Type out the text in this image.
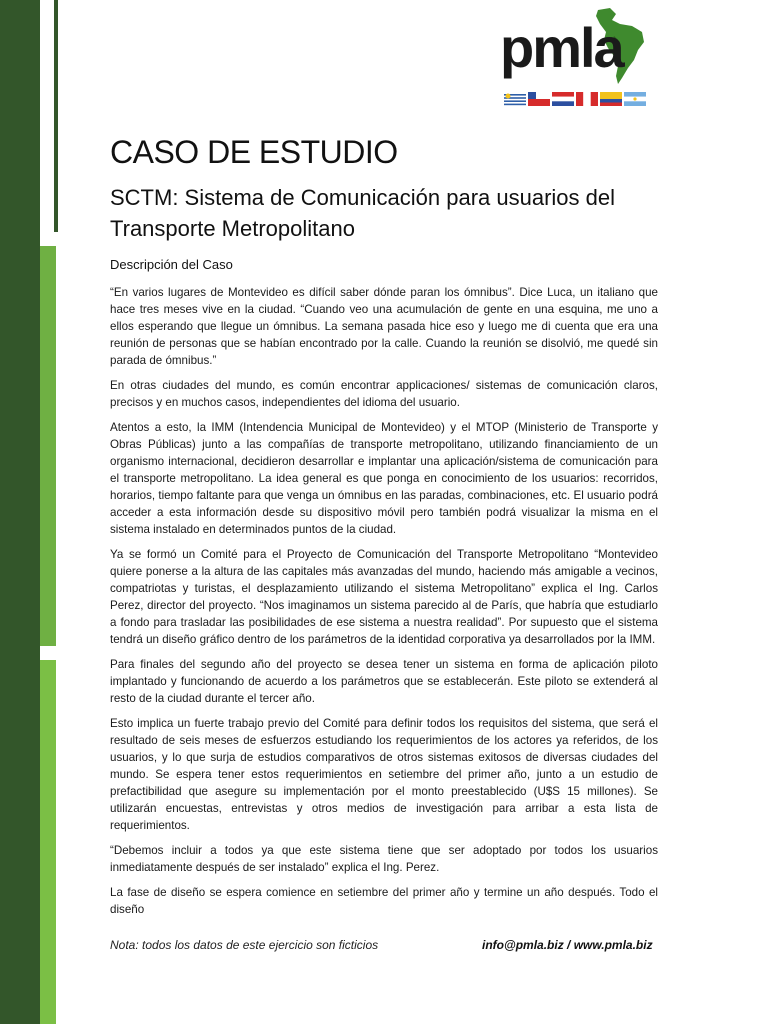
pmla
CASO DE ESTUDIO
SCTM: Sistema de Comunicación para usuarios del Transporte Metropolitano
Descripción del Caso

“En varios lugares de Montevideo es difícil saber dónde paran los ómnibus”. Dice Luca, un italiano que hace tres meses vive en la ciudad. “Cuando veo una acumulación de gente en una esquina, me uno a ellos esperando que llegue un ómnibus. La semana pasada hice eso y luego me di cuenta que era una reunión de personas que se habían encontrado por la calle. Cuando la reunión se disolvió, me quedé sin parada de ómnibus.”

En otras ciudades del mundo, es común encontrar applicaciones/ sistemas de comunicación claros, precisos y en muchos casos, independientes del idioma del usuario.

Atentos a esto, la IMM (Intendencia Municipal de Montevideo) y el MTOP (Ministerio de Transporte y Obras Públicas) junto a las compañías de transporte metropolitano, utilizando financiamiento de un organismo internacional, decidieron desarrollar e implantar una aplicación/sistema de comunicación para el transporte metropolitano. La idea general es que ponga en conocimiento de los usuarios: recorridos, horarios, tiempo faltante para que venga un ómnibus en las paradas, combinaciones, etc. El usuario podrá acceder a esta información desde su dispositivo móvil pero también podrá visualizar la misma en el sistema instalado en determinados puntos de la ciudad.

Ya se formó un Comité para el Proyecto de Comunicación del Transporte Metropolitano “Montevideo quiere ponerse a la altura de las capitales más avanzadas del mundo, haciendo más amigable a vecinos, compatriotas y turistas, el desplazamiento utilizando el sistema Metropolitano” explica el Ing. Carlos Perez, director del proyecto. “Nos imaginamos un sistema parecido al de París, que habría que estudiarlo a fondo para trasladar las posibilidades de ese sistema a nuestra realidad”. Por supuesto que el sistema tendrá un diseño gráfico dentro de los parámetros de la identidad corporativa ya desarrollados por la IMM.

Para finales del segundo año del proyecto se desea tener un sistema en forma de aplicación piloto implantado y funcionando de acuerdo a los parámetros que se establecerán. Este piloto se extenderá al resto de la ciudad durante el tercer año.

Esto implica un fuerte trabajo previo del Comité para definir todos los requisitos del sistema, que será el resultado de seis meses de esfuerzos estudiando los requerimientos de los actores ya referidos, de los usuarios, y lo que surja de estudios comparativos de otros sistemas exitosos de diversas ciudades del mundo. Se espera tener estos requerimientos en setiembre del primer año, junto a un estudio de prefactibilidad que asegure su implementación por el monto preestablecido (U$S 15 millones). Se utilizarán encuestas, entrevistas y otros medios de investigación para arribar a esta lista de requerimientos.

“Debemos incluir a todos ya que este sistema tiene que ser adoptado por todos los usuarios inmediatamente después de ser instalado” explica el Ing. Perez.

La fase de diseño se espera comience en setiembre del primer año y termine un año después. Todo el diseño

Nota: todos los datos de este ejercicio son ficticios	info@pmla.biz / www.pmla.biz
